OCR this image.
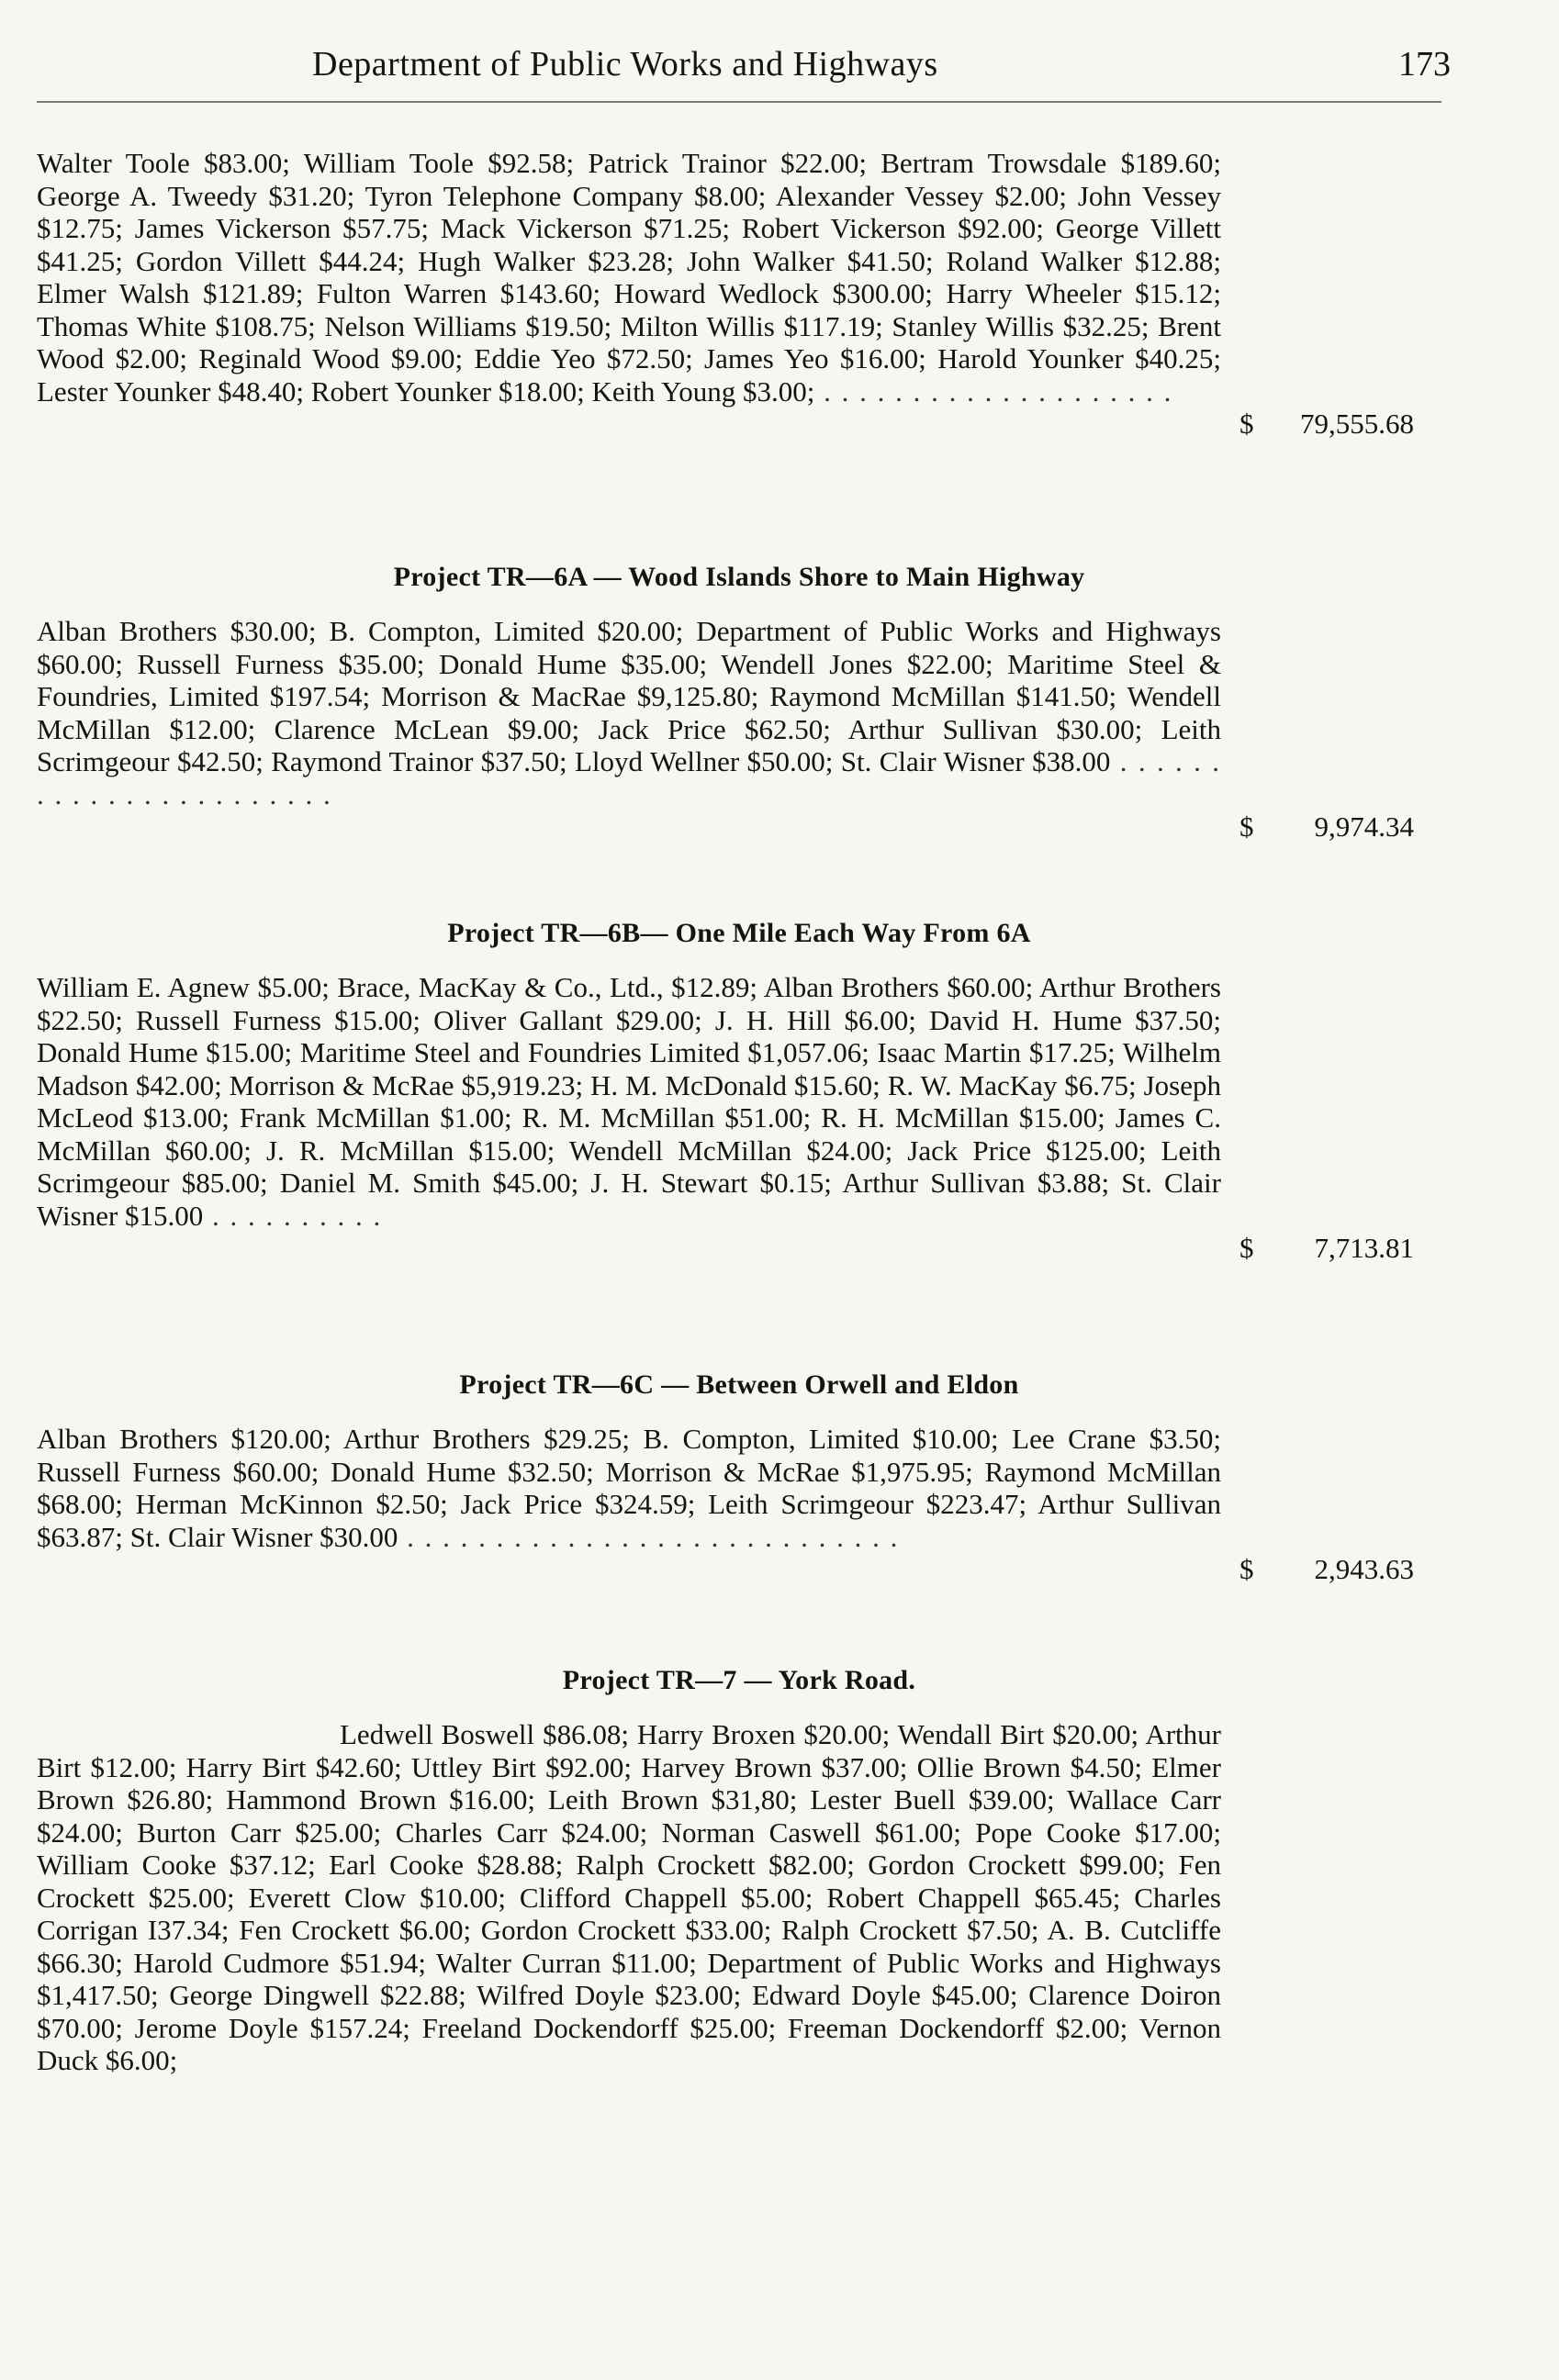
Department of Public Works and Highways	173
Walter Toole $83.00; William Toole $92.58; Patrick Trainor $22.00; Bertram Trowsdale $189.60; George A. Tweedy $31.20; Tyron Telephone Company $8.00; Alexander Vessey $2.00; John Vessey $12.75; James Vickerson $57.75; Mack Vickerson $71.25; Robert Vickerson $92.00; George Villett $41.25; Gordon Villett $44.24; Hugh Walker $23.28; John Walker $41.50; Roland Walker $12.88; Elmer Walsh $121.89; Fulton Warren $143.60; Howard Wedlock $300.00; Harry Wheeler $15.12; Thomas White $108.75; Nelson Williams $19.50; Milton Willis $117.19; Stanley Willis $32.25; Brent Wood $2.00; Reginald Wood $9.00; Eddie Yeo $72.50; James Yeo $16.00; Harold Younker $40.25; Lester Younker $48.40; Robert Younker $18.00; Keith Young $3.00; . . . . . . . . . . . . . . . . . . . .
$ 79,555.68
Project TR—6A — Wood Islands Shore to Main Highway
Alban Brothers $30.00; B. Compton, Limited $20.00; Department of Public Works and Highways $60.00; Russell Furness $35.00; Donald Hume $35.00; Wendell Jones $22.00; Maritime Steel & Foundries, Limited $197.54; Morrison & MacRae $9,125.80; Raymond McMillan $141.50; Wendell McMillan $12.00; Clarence McLean $9.00; Jack Price $62.50; Arthur Sullivan $30.00; Leith Scrimgeour $42.50; Raymond Trainor $37.50; Lloyd Wellner $50.00; St. Clair Wisner $38.00 . . . . . . . . . . . . . . . . . . . . . . .
$ 9,974.34
Project TR—6B— One Mile Each Way From 6A
William E. Agnew $5.00; Brace, MacKay & Co., Ltd., $12.89; Alban Brothers $60.00; Arthur Brothers $22.50; Russell Furness $15.00; Oliver Gallant $29.00; J. H. Hill $6.00; David H. Hume $37.50; Donald Hume $15.00; Maritime Steel and Foundries Limited $1,057.06; Isaac Martin $17.25; Wilhelm Madson $42.00; Morrison & McRae $5,919.23; H. M. McDonald $15.60; R. W. MacKay $6.75; Joseph McLeod $13.00; Frank McMillan $1.00; R. M. McMillan $51.00; R. H. McMillan $15.00; James C. McMillan $60.00; J. R. McMillan $15.00; Wendell McMillan $24.00; Jack Price $125.00; Leith Scrimgeour $85.00; Daniel M. Smith $45.00; J. H. Stewart $0.15; Arthur Sullivan $3.88; St. Clair Wisner $15.00 . . . . . . . . . .
$ 7,713.81
Project TR—6C — Between Orwell and Eldon
Alban Brothers $120.00; Arthur Brothers $29.25; B. Compton, Limited $10.00; Lee Crane $3.50; Russell Furness $60.00; Donald Hume $32.50; Morrison & McRae $1,975.95; Raymond McMillan $68.00; Herman McKinnon $2.50; Jack Price $324.59; Leith Scrimgeour $223.47; Arthur Sullivan $63.87; St. Clair Wisner $30.00 . . . . . . . . . . . . . . . . . . . . . . . . . . . .
$ 2,943.63
Project TR—7 — York Road.
Ledwell Boswell $86.08; Harry Broxen $20.00; Wendall Birt $20.00; Arthur Birt $12.00; Harry Birt $42.60; Uttley Birt $92.00; Harvey Brown $37.00; Ollie Brown $4.50; Elmer Brown $26.80; Hammond Brown $16.00; Leith Brown $31,80; Lester Buell $39.00; Wallace Carr $24.00; Burton Carr $25.00; Charles Carr $24.00; Norman Caswell $61.00; Pope Cooke $17.00; William Cooke $37.12; Earl Cooke $28.88; Ralph Crockett $82.00; Gordon Crockett $99.00; Fen Crockett $25.00; Everett Clow $10.00; Clifford Chappell $5.00; Robert Chappell $65.45; Charles Corrigan I37.34; Fen Crockett $6.00; Gordon Crockett $33.00; Ralph Crockett $7.50; A. B. Cutcliffe $66.30; Harold Cudmore $51.94; Walter Curran $11.00; Department of Public Works and Highways $1,417.50; George Dingwell $22.88; Wilfred Doyle $23.00; Edward Doyle $45.00; Clarence Doiron $70.00; Jerome Doyle $157.24; Freeland Dockendorff $25.00; Freeman Dockendorff $2.00; Vernon Duck $6.00;
